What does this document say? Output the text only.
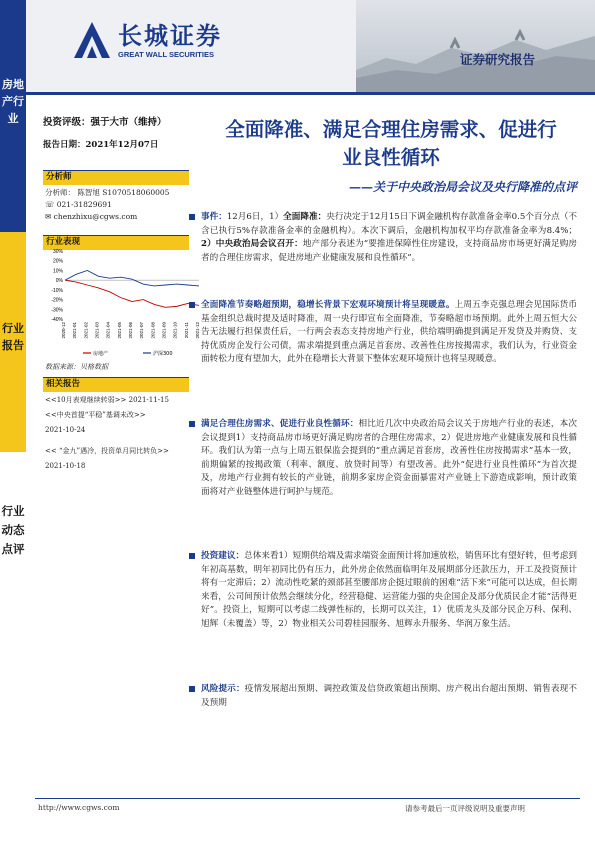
房地产行业
行业报告
行业动态点评
长城证券
GREAT WALL SECURITIES	证券研究报告
投资评级：强于大市（维持）
报告日期：2021年12月07日
分析师
分析师： 陈智旭 S1070518060005
☏ 021-31829691
✉ chenzhixu@cgws.com
行业表现
30%
20%
10%
0%
-10%
-20%
-30%
-40%
2020-12 2021-01 2021-02 2021-03 2021-04 2021-05 2021-06 2021-07 2021-08 2021-09 2021-10 2021-11 2021-12
房地产	沪深300
数据来源：贝格数据
相关报告
<<10月表观继续转弱>> 2021-11-15
<<中央首提“平稳”基调未改>>
2021-10-24
<< “金九”遇冷，投资单月同比转负>>
2021-10-18
全面降准、满足合理住房需求、促进行
业良性循环
——关于中央政治局会议及央行降准的点评
事件：12月6日，1）全面降准：央行决定于12月15日下调金融机构存款准备金率0.5个百分点（不含已执行5%存款准备金率的金融机构）。本次下调后，金融机构加权平均存款准备金率为8.4%；2）中央政治局会议召开：地产部分表述为“要推进保障性住房建设，支持商品房市场更好满足购房者的合理住房需求，促进房地产业健康发展和良性循环”。
全面降准节奏略超预期，稳增长背景下宏观环境预计将呈现暖意。上周五李克强总理会见国际货币基金组织总裁时提及适时降准，周一央行即宣布全面降准，节奏略超市场预期。此外上周五恒大公告无法履行担保责任后，一行两会表态支持房地产行业，供给端明确提到满足开发贷及并购贷、支持优质房企发行公司债，需求端提到重点满足首套房、改善性住房按揭需求，我们认为，行业资金面转松力度有望加大，此外在稳增长大背景下整体宏观环境预计也将呈现暖意。
满足合理住房需求、促进行业良性循环：相比近几次中央政治局会议关于房地产行业的表述，本次会议提到1）支持商品房市场更好满足购房者的合理住房需求，2）促进房地产业健康发展和良性循环。我们认为第一点与上周五银保监会提到的“重点满足首套房，改善性住房按揭需求”基本一致，前期偏紧的按揭政策（利率、额度、放贷时间等）有望改善。此外“促进行业良性循环”为首次提及，房地产行业拥有较长的产业链，前期多家房企资金面暴雷对产业链上下游造成影响，预计政策面将对产业链整体进行呵护与规范。
投资建议：总体来看1）短期供给端及需求端资金面预计将加速放松，销售环比有望好转，但考虑到年初高基数，明年初同比仍有压力，此外房企依然面临明年及展期部分还款压力，开工及投资预计将有一定滞后；2）流动性吃紧的颈部甚至腰部房企挺过眼前的困难“活下来”可能可以达成，但长期来看，公司间预计依然会继续分化，经营稳健、运营能力强的央企国企及部分优质民企才能“活得更好”。投资上，短期可以考虑二线弹性标的，长期可以关注，1）优质龙头及部分民企万科、保利、旭辉（未覆盖）等，2）物业相关公司碧桂园服务、旭辉永升服务、华润万象生活。
风险提示：疫情发展超出预期、调控政策及信贷政策超出预期、房产税出台超出预期、销售表现不及预期
http://www.cgws.com	请参考最后一页评级说明及重要声明
